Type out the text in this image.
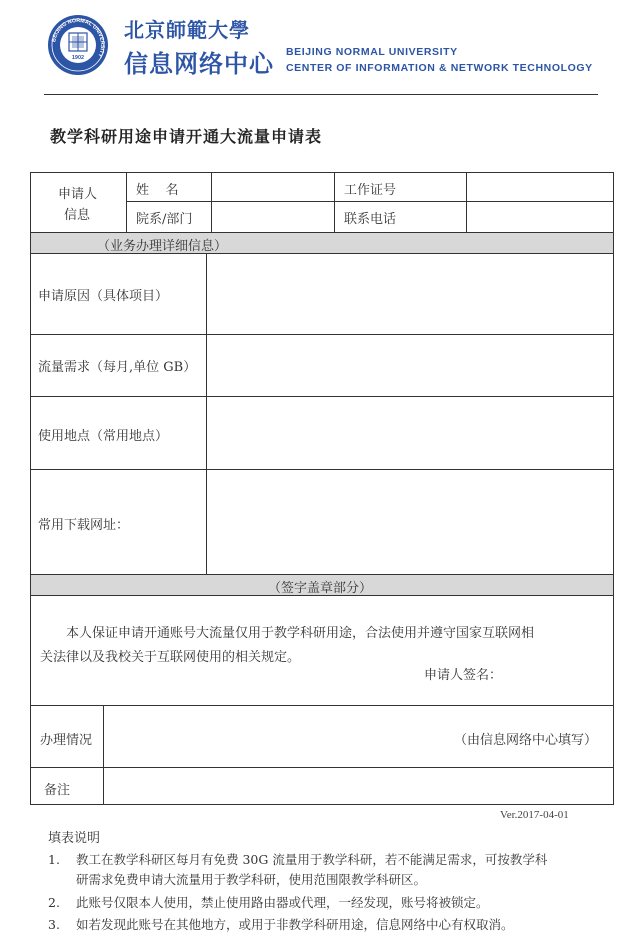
BEIJING NORMAL UNIVERSITY
1902
北京師範大學
信息网络中心 BEIJING NORMAL UNIVERSITY
CENTER OF INFORMATION & NETWORK TECHNOLOGY
教学科研用途申请开通大流量申请表
申请人
信息
姓    名
院系/部门
工作证号
联系电话
（业务办理详细信息）
申请原因（具体项目）
流量需求（每月,单位 GB）
使用地点（常用地点）
常用下载网址：
（签字盖章部分）

本人保证申请开通账号大流量仅用于教学科研用途，合法使用并遵守国家互联网相

关法律以及我校关于互联网使用的相关规定。
申请人签名：
办理情况	（由信息网络中心填写）
备注
Ver.2017-04-01
填表说明
1. 教工在教学科研区每月有免费 30G 流量用于教学科研，若不能满足需求，可按教学科
研需求免费申请大流量用于教学科研，使用范围限教学科研区。
2. 此账号仅限本人使用，禁止使用路由器或代理，一经发现，账号将被锁定。
3. 如若发现此账号在其他地方，或用于非教学科研用途，信息网络中心有权取消。
